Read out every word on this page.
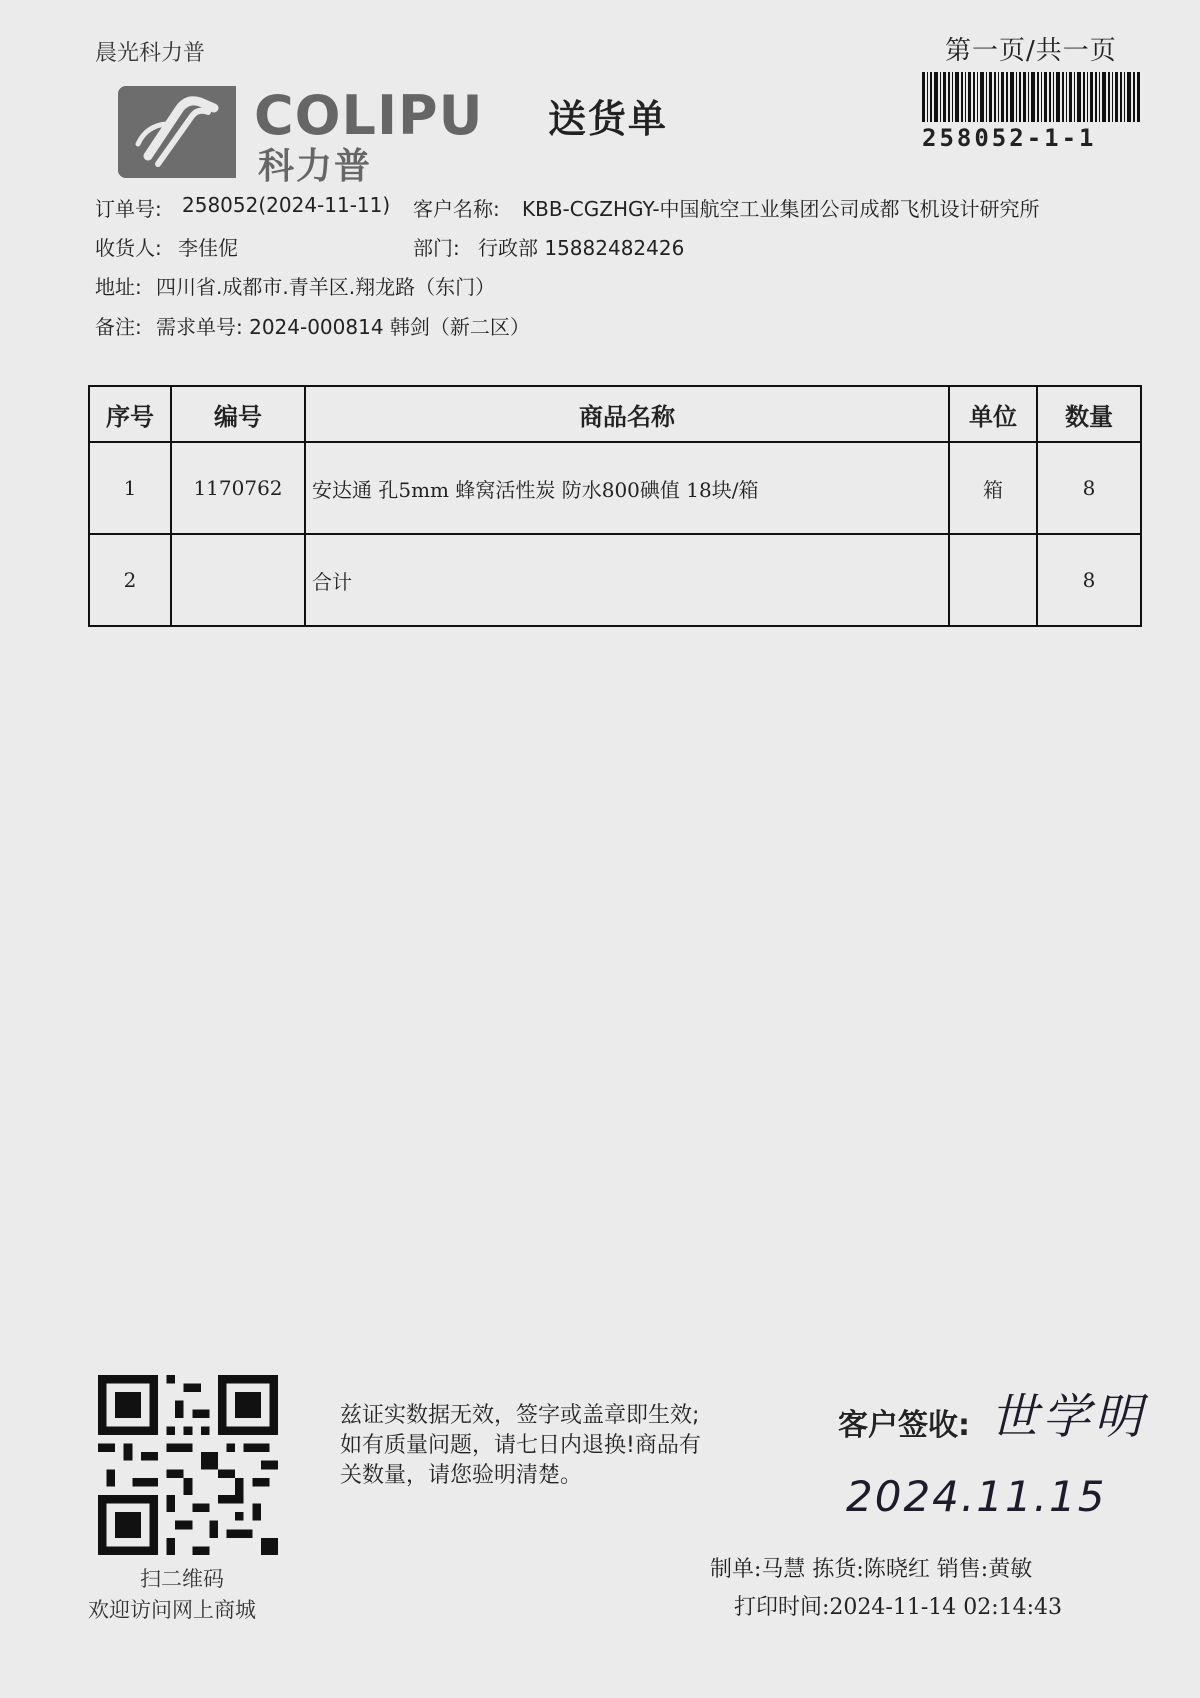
晨光科力普	第一页/共一页
COLIPU
科力普
送货单	258052-1-1
订单号: 258052(2024-11-11) 客户名称: KBB-CGZHGY-中国航空工业集团公司成都飞机设计研究所
收货人: 李佳伲	部门: 行政部 15882482426
地址: 四川省.成都市.青羊区.翔龙路（东门）
备注: 需求单号: 2024-000814 韩剑（新二区）
序号	编号	商品名称	单位	数量
1	1170762	安达通 孔5mm 蜂窝活性炭 防水800碘值 18块/箱	箱	8
2		合计		8
扫二维码
欢迎访问网上商城
兹证实数据无效，签字或盖章即生效;
如有质量问题，请七日内退换!商品有
关数量，请您验明清楚。
客户签收: 世学明
2024.11.15
制单:马慧 拣货:陈晓红 销售:黄敏
打印时间:2024-11-14 02:14:43
